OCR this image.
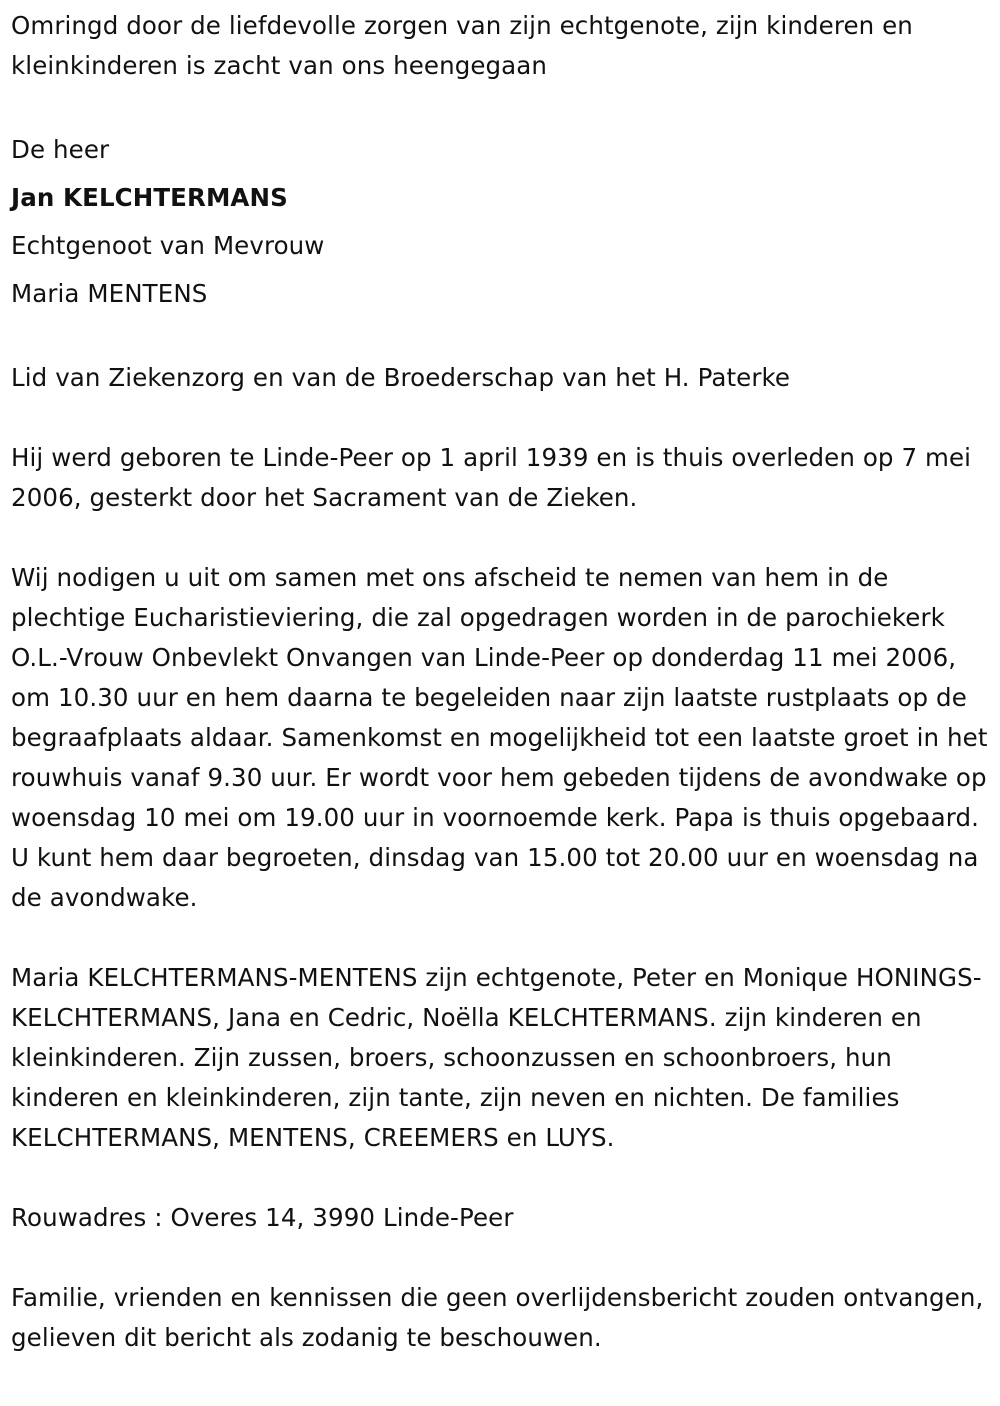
Omringd door de liefdevolle zorgen van zijn echtgenote, zijn kinderen en kleinkinderen is zacht van ons heengegaan

De heer

Jan KELCHTERMANS

Echtgenoot van Mevrouw

Maria MENTENS

Lid van Ziekenzorg en van de Broederschap van het H. Paterke

Hij werd geboren te Linde-Peer op 1 april 1939 en is thuis overleden op 7 mei 2006, gesterkt door het Sacrament van de Zieken.

Wij nodigen u uit om samen met ons afscheid te nemen van hem in de plechtige Eucharistieviering, die zal opgedragen worden in de parochiekerk O.L.-Vrouw Onbevlekt Onvangen van Linde-Peer op donderdag 11 mei 2006, om 10.30 uur en hem daarna te begeleiden naar zijn laatste rustplaats op de begraafplaats aldaar. Samenkomst en mogelijkheid tot een laatste groet in het rouwhuis vanaf 9.30 uur. Er wordt voor hem gebeden tijdens de avondwake op woensdag 10 mei om 19.00 uur in voornoemde kerk. Papa is thuis opgebaard. U kunt hem daar begroeten, dinsdag van 15.00 tot 20.00 uur en woensdag na de avondwake.

Maria KELCHTERMANS-MENTENS zijn echtgenote, Peter en Monique HONINGS-KELCHTERMANS, Jana en Cedric, Noëlla KELCHTERMANS. zijn kinderen en kleinkinderen. Zijn zussen, broers, schoonzussen en schoonbroers, hun kinderen en kleinkinderen, zijn tante, zijn neven en nichten. De families KELCHTERMANS, MENTENS, CREEMERS en LUYS.

Rouwadres : Overes 14, 3990 Linde-Peer

Familie, vrienden en kennissen die geen overlijdensbericht zouden ontvangen, gelieven dit bericht als zodanig te beschouwen.
